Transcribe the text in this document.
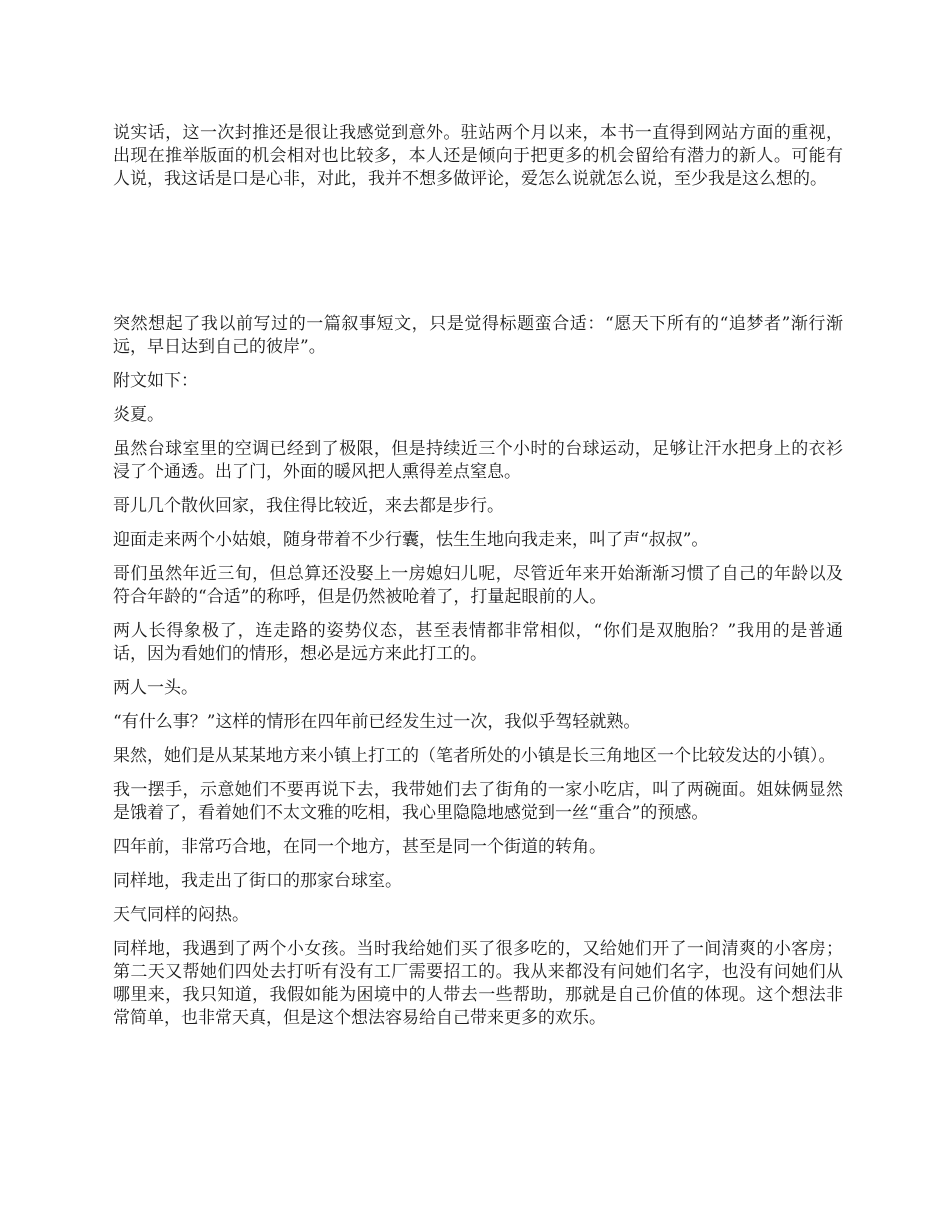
说实话，这一次封推还是很让我感觉到意外。驻站两个月以来，本书一直得到网站方面的重视，出现在推举版面的机会相对也比较多，本人还是倾向于把更多的机会留给有潜力的新人。可能有人说，我这话是口是心非，对此，我并不想多做评论，爱怎么说就怎么说，至少我是这么想的。

突然想起了我以前写过的一篇叙事短文，只是觉得标题蛮合适：“愿天下所有的“追梦者”渐行渐远，早日达到自己的彼岸”。

附文如下：

炎夏。

虽然台球室里的空调已经到了极限，但是持续近三个小时的台球运动，足够让汗水把身上的衣衫浸了个通透。出了门，外面的暖风把人熏得差点窒息。

哥儿几个散伙回家，我住得比较近，来去都是步行。

迎面走来两个小姑娘，随身带着不少行囊，怯生生地向我走来，叫了声“叔叔”。

哥们虽然年近三旬，但总算还没娶上一房媳妇儿呢，尽管近年来开始渐渐习惯了自己的年龄以及符合年龄的“合适”的称呼，但是仍然被呛着了，打量起眼前的人。

两人长得象极了，连走路的姿势仪态，甚至表情都非常相似，“你们是双胞胎？”我用的是普通话，因为看她们的情形，想必是远方来此打工的。

两人一头。

“有什么事？”这样的情形在四年前已经发生过一次，我似乎驾轻就熟。

果然，她们是从某某地方来小镇上打工的（笔者所处的小镇是长三角地区一个比较发达的小镇）。

我一摆手，示意她们不要再说下去，我带她们去了街角的一家小吃店，叫了两碗面。姐妹俩显然是饿着了，看着她们不太文雅的吃相，我心里隐隐地感觉到一丝“重合”的预感。

四年前，非常巧合地，在同一个地方，甚至是同一个街道的转角。

同样地，我走出了街口的那家台球室。

天气同样的闷热。

同样地，我遇到了两个小女孩。当时我给她们买了很多吃的，又给她们开了一间清爽的小客房；第二天又帮她们四处去打听有没有工厂需要招工的。我从来都没有问她们名字，也没有问她们从哪里来，我只知道，我假如能为困境中的人带去一些帮助，那就是自己价值的体现。这个想法非常简单，也非常天真，但是这个想法容易给自己带来更多的欢乐。
